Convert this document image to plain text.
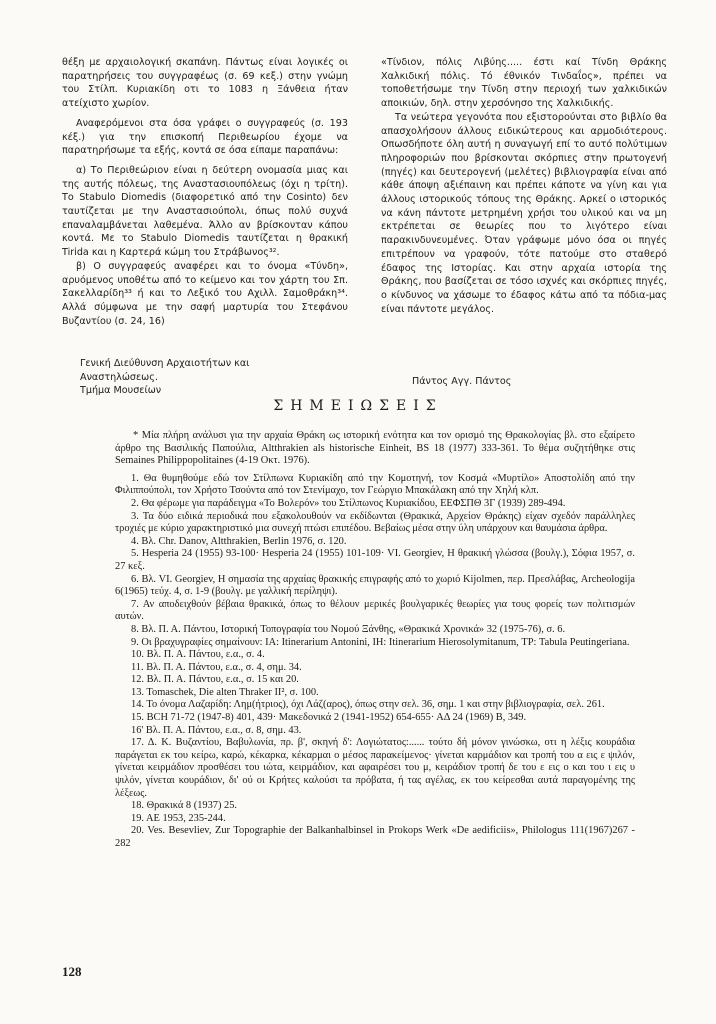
θέξη με αρχαιολογική σκαπάνη. Πάντως είναι λογικές οι παρατηρήσεις του συγγραφέως (σ. 69 κεξ.) στην γνώμη του Στίλπ. Κυριακίδη οτι το 1083 η Ξάνθεια ήταν ατείχιστο χωρίον.

Αναφερόμενοι στα όσα γράφει ο συγγραφεύς (σ. 193 κέξ.) για την επισκοπή Περιθεωρίου έχομε να παρατηρήσωμε τα εξής, κοντά σε όσα είπαμε παραπάνω:

α) Το Περιθεώριον είναι η δεύτερη ονομασία μιας και της αυτής πόλεως, της Αναστασιουπόλεως (όχι η τρίτη). Το Stabulo Diomedis (διαφορετικό από την Cosinto) δεν ταυτίζεται με την Αναστασιούπολι, όπως πολύ συχνά επαναλαμβάνεται λαθεμένα. Άλλο αν βρίσκονταν κάπου κοντά. Με το Stabulo Diomedis ταυτίζεται η θρακική Tirida και η Καρτερά κώμη του Στράβωνος³².

β) Ο συγγραφεύς αναφέρει και το όνομα «Τύνδη», αρυόμενος υποθέτω από το κείμενο και τον χάρτη του Σπ. Σακελλαρίδη³³ ή και το Λεξικό του Αχιλλ. Σαμοθράκη³⁴. Αλλά σύμφωνα με την σαφή μαρτυρία του Στεφάνου Βυζαντίου (σ. 24, 16)

«Τίνδιον, πόλις Λιβύης..... έστι καί Τίνδη Θράκης Χαλκιδική πόλις. Τό έθνικόν Τινδαΐος», πρέπει να τοποθετήσωμε την Τίνδη στην περιοχή των χαλκιδικών αποικιών, δηλ. στην χερσόνησο της Χαλκιδικής.

Τα νεώτερα γεγονότα που εξιστορούνται στο βιβλίο θα απασχολήσουν άλλους ειδικώτερους και αρμοδιότερους. Οπωσδήποτε όλη αυτή η συναγωγή επί το αυτό πολύτιμων πληροφοριών που βρίσκονται σκόρπιες στην πρωτογενή (πηγές) και δευτερογενή (μελέτες) βιβλιογραφία είναι από κάθε άποψη αξιέπαινη και πρέπει κάποτε να γίνη και για άλλους ιστορικούς τόπους της Θράκης. Αρκεί ο ιστορικός να κάνη πάντοτε μετρημένη χρήσι του υλικού και να μη εκτρέπεται σε θεωρίες που το λιγότερο είναι παρακινδυνευμένες. Όταν γράφωμε μόνο όσα οι πηγές επιτρέπουν να γραφούν, τότε πατούμε στο σταθερό έδαφος της Ιστορίας. Και στην αρχαία ιστορία της Θράκης, που βασίζεται σε τόσο ισχνές και σκόρπιες πηγές, ο κίνδυνος να χάσωμε το έδαφος κάτω από τα πόδια-μας είναι πάντοτε μεγάλος.

Γενική Διεύθυνση Αρχαιοτήτων και Αναστηλώσεως.
Τμήμα Μουσείων
Πάντος Αγγ. Πάντος
ΣΗΜΕΙΩΣΕΙΣ

* Μία πλήρη ανάλυσι για την αρχαία Θράκη ως ιστορική ενότητα και τον ορισμό της Θρακολογίας βλ. στο εξαίρετο άρθρο της Βασιλικής Παπούλια, Altthrakien als historische Einheit, BS 18 (1977) 333-361. Το θέμα συζητήθηκε στις Semaines Philippopolitaines (4-19 Οκτ. 1976).

1. Θα θυμηθούμε εδώ τον Στίλπωνα Κυριακίδη από την Κομοτηνή, τον Κοσμά «Μυρτίλο» Αποστολίδη από την Φιλιππούπολι, τον Χρήστο Τσούντα από τον Στενίμαχο, τον Γεώργιο Μπακάλακη από την Χηλή κλπ.

2. Θα φέρωμε για παράδειγμα «Το Βολερόν» του Στίλπωνος Κυριακίδου, ΕΕΦΣΠΘ 3Γ (1939) 289-494.

3. Τα δύο ειδικά περιοδικά που εξακολουθούν να εκδίδωνται (Θρακικά, Αρχείον Θράκης) είχαν σχεδόν παράλληλες τροχιές με κύριο χαρακτηριστικό μια συνεχή πτώσι επιπέδου. Βεβαίως μέσα στην ύλη υπάρχουν και θαυμάσια άρθρα.

4. Βλ. Chr. Danov, Altthrakien, Berlin 1976, σ. 120.

5. Hesperia 24 (1955) 93-100· Hesperia 24 (1955) 101-109· VI. Georgiev, Η θρακική γλώσσα (βουλγ.), Σόφια 1957, σ. 27 κεξ.

6. Βλ. VI. Georgiev, Η σημασία της αρχαίας θρακικής επιγραφής από το χωριό Kijolmen, περ. Πρεσλάβας, Archeologija 6(1965) τεύχ. 4, σ. 1-9 (βουλγ. με γαλλική περίληψι).

7. Αν αποδειχθούν βέβαια θρακικά, όπως το θέλουν μερικές βουλγαρικές θεωρίες για τους φορείς των πολιτισμών αυτών.

8. Βλ. Π. Α. Πάντου, Ιστορική Τοπογραφία του Νομού Ξάνθης, «Θρακικά Χρονικά» 32 (1975-76), σ. 6.

9. Οι βραχυγραφίες σημαίνουν: ΙΑ: Itinerarium Antonini, ΙΗ: Itinerarium Hierosolymitanum, ΤΡ: Tabula Peutingeriana.

10. Βλ. Π. Α. Πάντου, ε.α., σ. 4.

11. Βλ. Π. Α. Πάντου, ε.α., σ. 4, σημ. 34.

12. Βλ. Π. Α. Πάντου, ε.α., σ. 15 και 20.

13. Tomaschek, Die alten Thraker ΙΙ², σ. 100.

14. Το όνομα Λαζαρίδη: Λημ(ήτριος), όχι Λάζ(αρος), όπως στην σελ. 36, σημ. 1 και στην βιβλιογραφία, σελ. 261.

15. BCH 71-72 (1947-8) 401, 439· Μακεδονικά 2 (1941-1952) 654-655· ΑΔ 24 (1969) Β, 349.

16' Βλ. Π. Α. Πάντου, ε.α., σ. 8, σημ. 43.

17. Δ. Κ. Βυζαντίου, Βαβυλωνία, πρ. β', σκηνή δ': Λογιώτατος:...... τούτο δή μόνον γινώσκω, οτι η λέξις κουράδια παράγεται εκ του κείρω, καρώ, κέκαρκα, κέκαρμαι ο μέσος παρακείμενος· γίνεται καρμάδιον και τροπή του α εις ε ψιλόν, γίνεται κειρμάδιον προσθέσει του ιώτα, κειρμάδιον, και αφαιρέσει του μ, κειράδιον τροπή δε του ε εις ο και του ι εις υ ψιλόν, γίνεται κουράδιον, δι' ού οι Κρήτες καλούσι τα πρόβατα, ή τας αγέλας, εκ του κείρεσθαι αυτά παραγομένης της λέξεως.

18. Θρακικά 8 (1937) 25.

19. ΑΕ 1953, 235-244.

20. Ves. Besevliev, Zur Topographie der Balkanhalbinsel in Prokops Werk «De aedificiis», Philologus 111(1967)267 - 282

128
